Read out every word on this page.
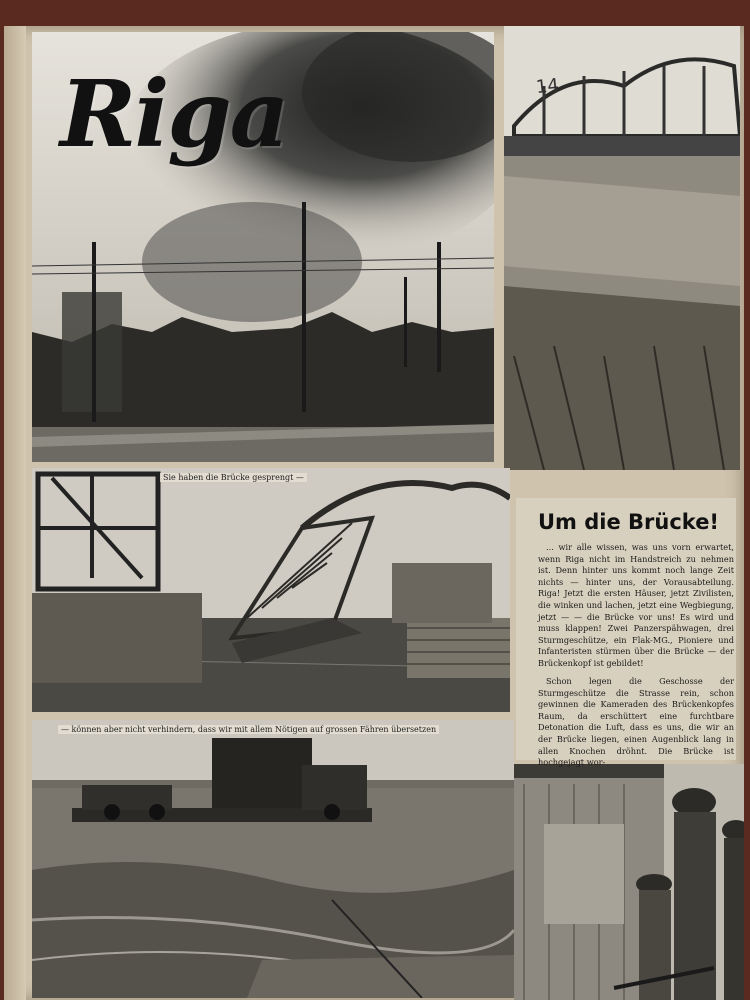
Riga	14
Sie haben die Brücke gesprengt —
— können aber nicht verhindern, dass wir mit allem Nötigen auf grossen Fähren übersetzen
Um die Brücke!

... wir alle wissen, was uns vorn erwartet, wenn Riga nicht im Handstreich zu nehmen ist. Denn hinter uns kommt noch lange Zeit nichts — hinter uns, der Vorausabteilung. Riga! Jetzt die ersten Häuser, jetzt Zivilisten, die winken und lachen, jetzt eine Wegbiegung, jetzt — — die Brücke vor uns! Es wird und muss klappen! Zwei Panzerspähwagen, drei Sturmgeschütze, ein Flak-MG., Pioniere und Infanteristen stürmen über die Brücke — der Brückenkopf ist gebildet!

Schon legen die Geschosse der Sturmgeschütze die Strasse rein, schon gewinnen die Kameraden des Brückenkopfes Raum, da erschüttert eine furchtbare Detonation die Luft, dass es uns, die wir an der Brücke liegen, einen Augenblick lang in allen Knochen dröhnt. Die Brücke ist hochgejagt wor-
